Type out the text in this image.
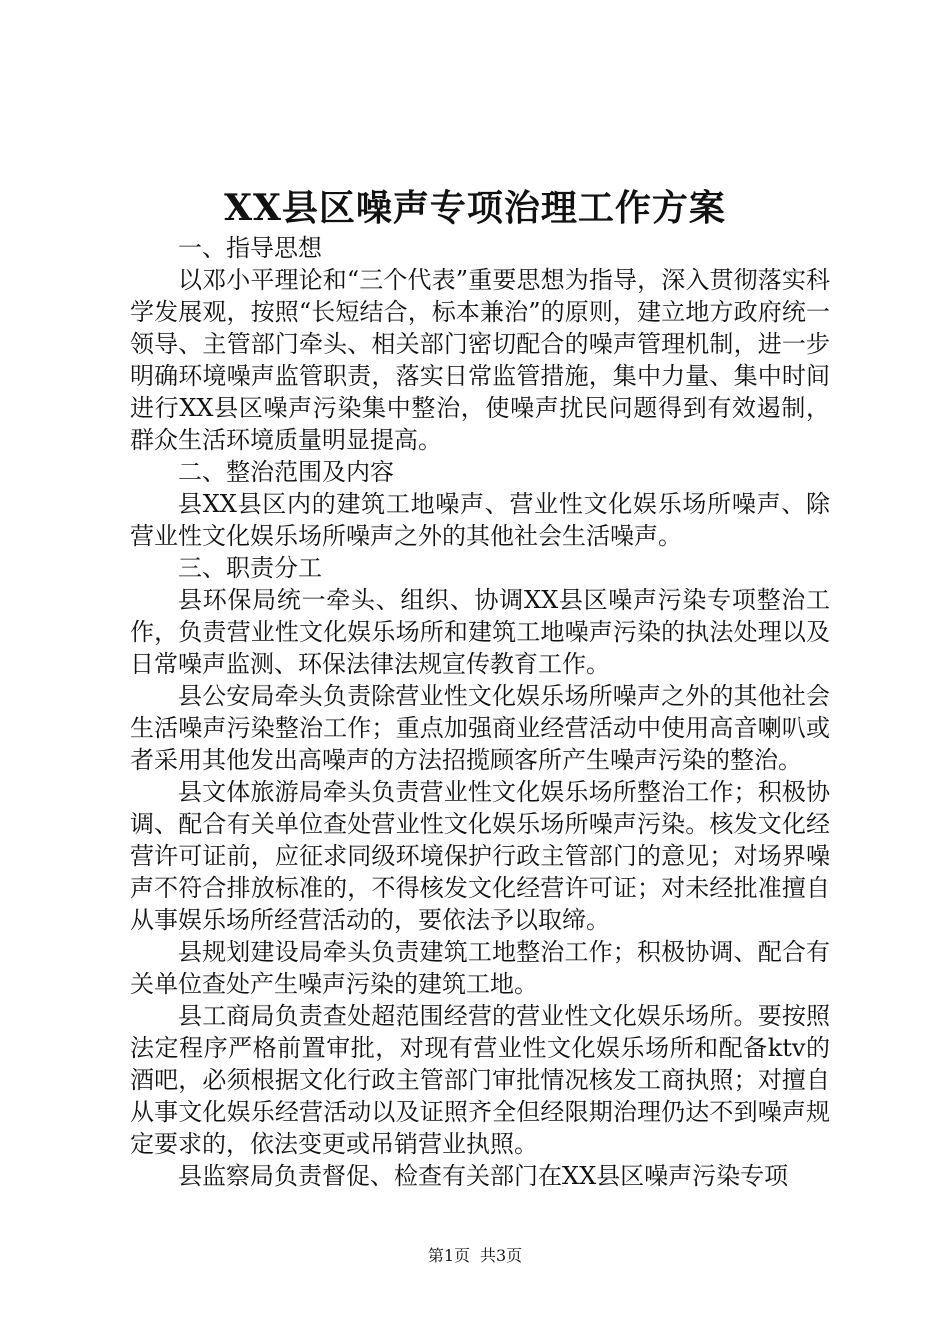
XX县区噪声专项治理工作方案

一、指导思想

以邓小平理论和“三个代表”重要思想为指导，深入贯彻落实科学发展观，按照“长短结合，标本兼治”的原则，建立地方政府统一领导、主管部门牵头、相关部门密切配合的噪声管理机制，进一步明确环境噪声监管职责，落实日常监管措施，集中力量、集中时间进行XX县区噪声污染集中整治，使噪声扰民问题得到有效遏制，群众生活环境质量明显提高。

二、整治范围及内容

县XX县区内的建筑工地噪声、营业性文化娱乐场所噪声、除营业性文化娱乐场所噪声之外的其他社会生活噪声。

三、职责分工

县环保局统一牵头、组织、协调XX县区噪声污染专项整治工作，负责营业性文化娱乐场所和建筑工地噪声污染的执法处理以及日常噪声监测、环保法律法规宣传教育工作。

县公安局牵头负责除营业性文化娱乐场所噪声之外的其他社会生活噪声污染整治工作；重点加强商业经营活动中使用高音喇叭或者采用其他发出高噪声的方法招揽顾客所产生噪声污染的整治。

县文体旅游局牵头负责营业性文化娱乐场所整治工作；积极协调、配合有关单位查处营业性文化娱乐场所噪声污染。核发文化经营许可证前，应征求同级环境保护行政主管部门的意见；对场界噪声不符合排放标准的，不得核发文化经营许可证；对未经批准擅自从事娱乐场所经营活动的，要依法予以取缔。

县规划建设局牵头负责建筑工地整治工作；积极协调、配合有关单位查处产生噪声污染的建筑工地。

县工商局负责查处超范围经营的营业性文化娱乐场所。要按照法定程序严格前置审批，对现有营业性文化娱乐场所和配备ktv的酒吧，必须根据文化行政主管部门审批情况核发工商执照；对擅自从事文化娱乐经营活动以及证照齐全但经限期治理仍达不到噪声规定要求的，依法变更或吊销营业执照。

县监察局负责督促、检查有关部门在XX县区噪声污染专项

第1页 共3页
